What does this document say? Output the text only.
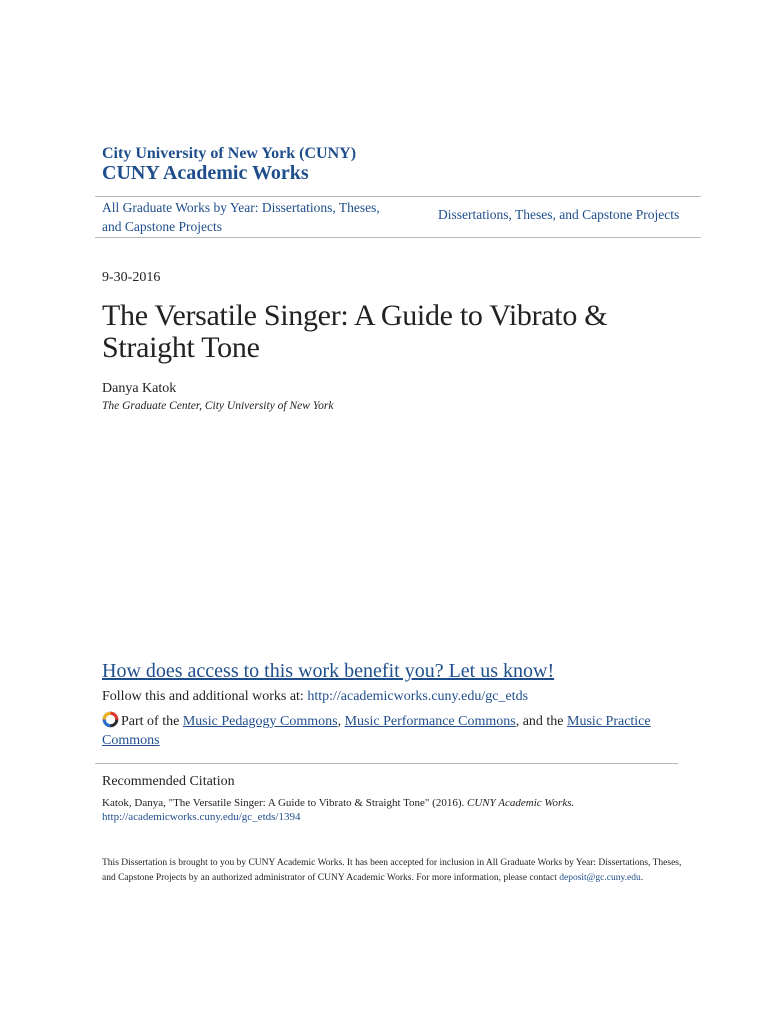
City University of New York (CUNY)
CUNY Academic Works
All Graduate Works by Year: Dissertations, Theses, and Capstone Projects
Dissertations, Theses, and Capstone Projects
9-30-2016
The Versatile Singer: A Guide to Vibrato & Straight Tone
Danya Katok
The Graduate Center, City University of New York
How does access to this work benefit you? Let us know!
Follow this and additional works at: http://academicworks.cuny.edu/gc_etds
Part of the Music Pedagogy Commons, Music Performance Commons, and the Music Practice Commons
Recommended Citation
Katok, Danya, "The Versatile Singer: A Guide to Vibrato & Straight Tone" (2016). CUNY Academic Works.
http://academicworks.cuny.edu/gc_etds/1394
This Dissertation is brought to you by CUNY Academic Works. It has been accepted for inclusion in All Graduate Works by Year: Dissertations, Theses, and Capstone Projects by an authorized administrator of CUNY Academic Works. For more information, please contact deposit@gc.cuny.edu.
